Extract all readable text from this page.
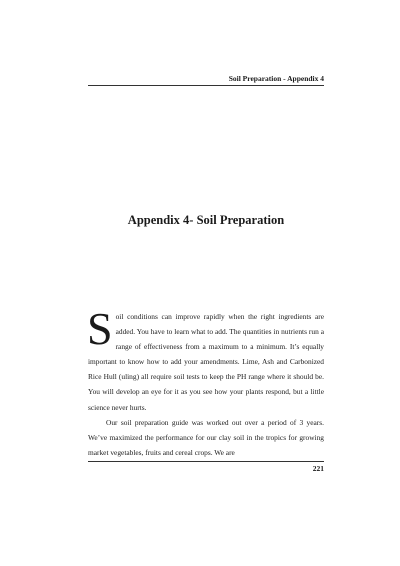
Soil Preparation - Appendix 4
Appendix 4- Soil Preparation

S oil conditions can improve rapidly when the right ingredients are added. You have to learn what to add. The quantities in nutrients run a range of effectiveness from a maximum to a minimum. It’s equally important to know how to add your amendments. Lime, Ash and Carbonized Rice Hull (uling) all require soil tests to keep the PH range where it should be. You will develop an eye for it as you see how your plants respond, but a little science never hurts.

Our soil preparation guide was worked out over a period of 3 years. We’ve maximized the performance for our clay soil in the tropics for growing market vegetables, fruits and cereal crops. We are

221
